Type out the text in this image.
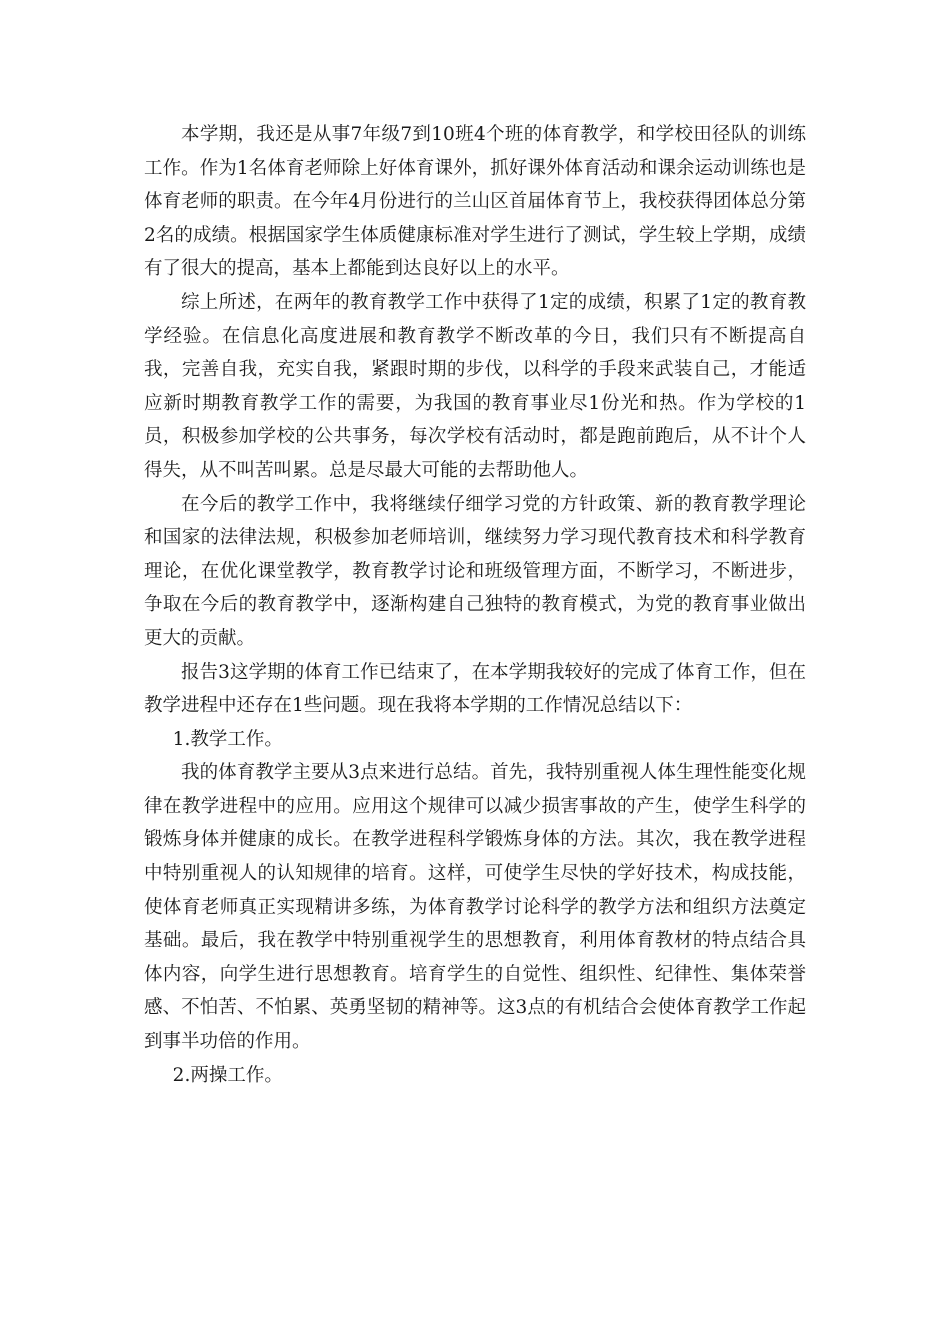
本学期，我还是从事7年级7到10班4个班的体育教学，和学校田径队的训练工作。作为1名体育老师除上好体育课外，抓好课外体育活动和课余运动训练也是体育老师的职责。在今年4月份进行的兰山区首届体育节上，我校获得团体总分第2名的成绩。根据国家学生体质健康标准对学生进行了测试，学生较上学期，成绩有了很大的提高，基本上都能到达良好以上的水平。

综上所述，在两年的教育教学工作中获得了1定的成绩，积累了1定的教育教学经验。在信息化高度进展和教育教学不断改革的今日，我们只有不断提高自我，完善自我，充实自我，紧跟时期的步伐，以科学的手段来武装自己，才能适应新时期教育教学工作的需要，为我国的教育事业尽1份光和热。作为学校的1员，积极参加学校的公共事务，每次学校有活动时，都是跑前跑后，从不计个人得失，从不叫苦叫累。总是尽最大可能的去帮助他人。

在今后的教学工作中，我将继续仔细学习党的方针政策、新的教育教学理论和国家的法律法规，积极参加老师培训，继续努力学习现代教育技术和科学教育理论，在优化课堂教学，教育教学讨论和班级管理方面，不断学习，不断进步，争取在今后的教育教学中，逐渐构建自己独特的教育模式，为党的教育事业做出更大的贡献。

报告3这学期的体育工作已结束了，在本学期我较好的完成了体育工作，但在教学进程中还存在1些问题。现在我将本学期的工作情况总结以下：

1.教学工作。

我的体育教学主要从3点来进行总结。首先，我特别重视人体生理性能变化规律在教学进程中的应用。应用这个规律可以减少损害事故的产生，使学生科学的锻炼身体并健康的成长。在教学进程科学锻炼身体的方法。其次，我在教学进程中特别重视人的认知规律的培育。这样，可使学生尽快的学好技术，构成技能，使体育老师真正实现精讲多练，为体育教学讨论科学的教学方法和组织方法奠定基础。最后，我在教学中特别重视学生的思想教育，利用体育教材的特点结合具体内容，向学生进行思想教育。培育学生的自觉性、组织性、纪律性、集体荣誉感、不怕苦、不怕累、英勇坚韧的精神等。这3点的有机结合会使体育教学工作起到事半功倍的作用。

2.两操工作。
